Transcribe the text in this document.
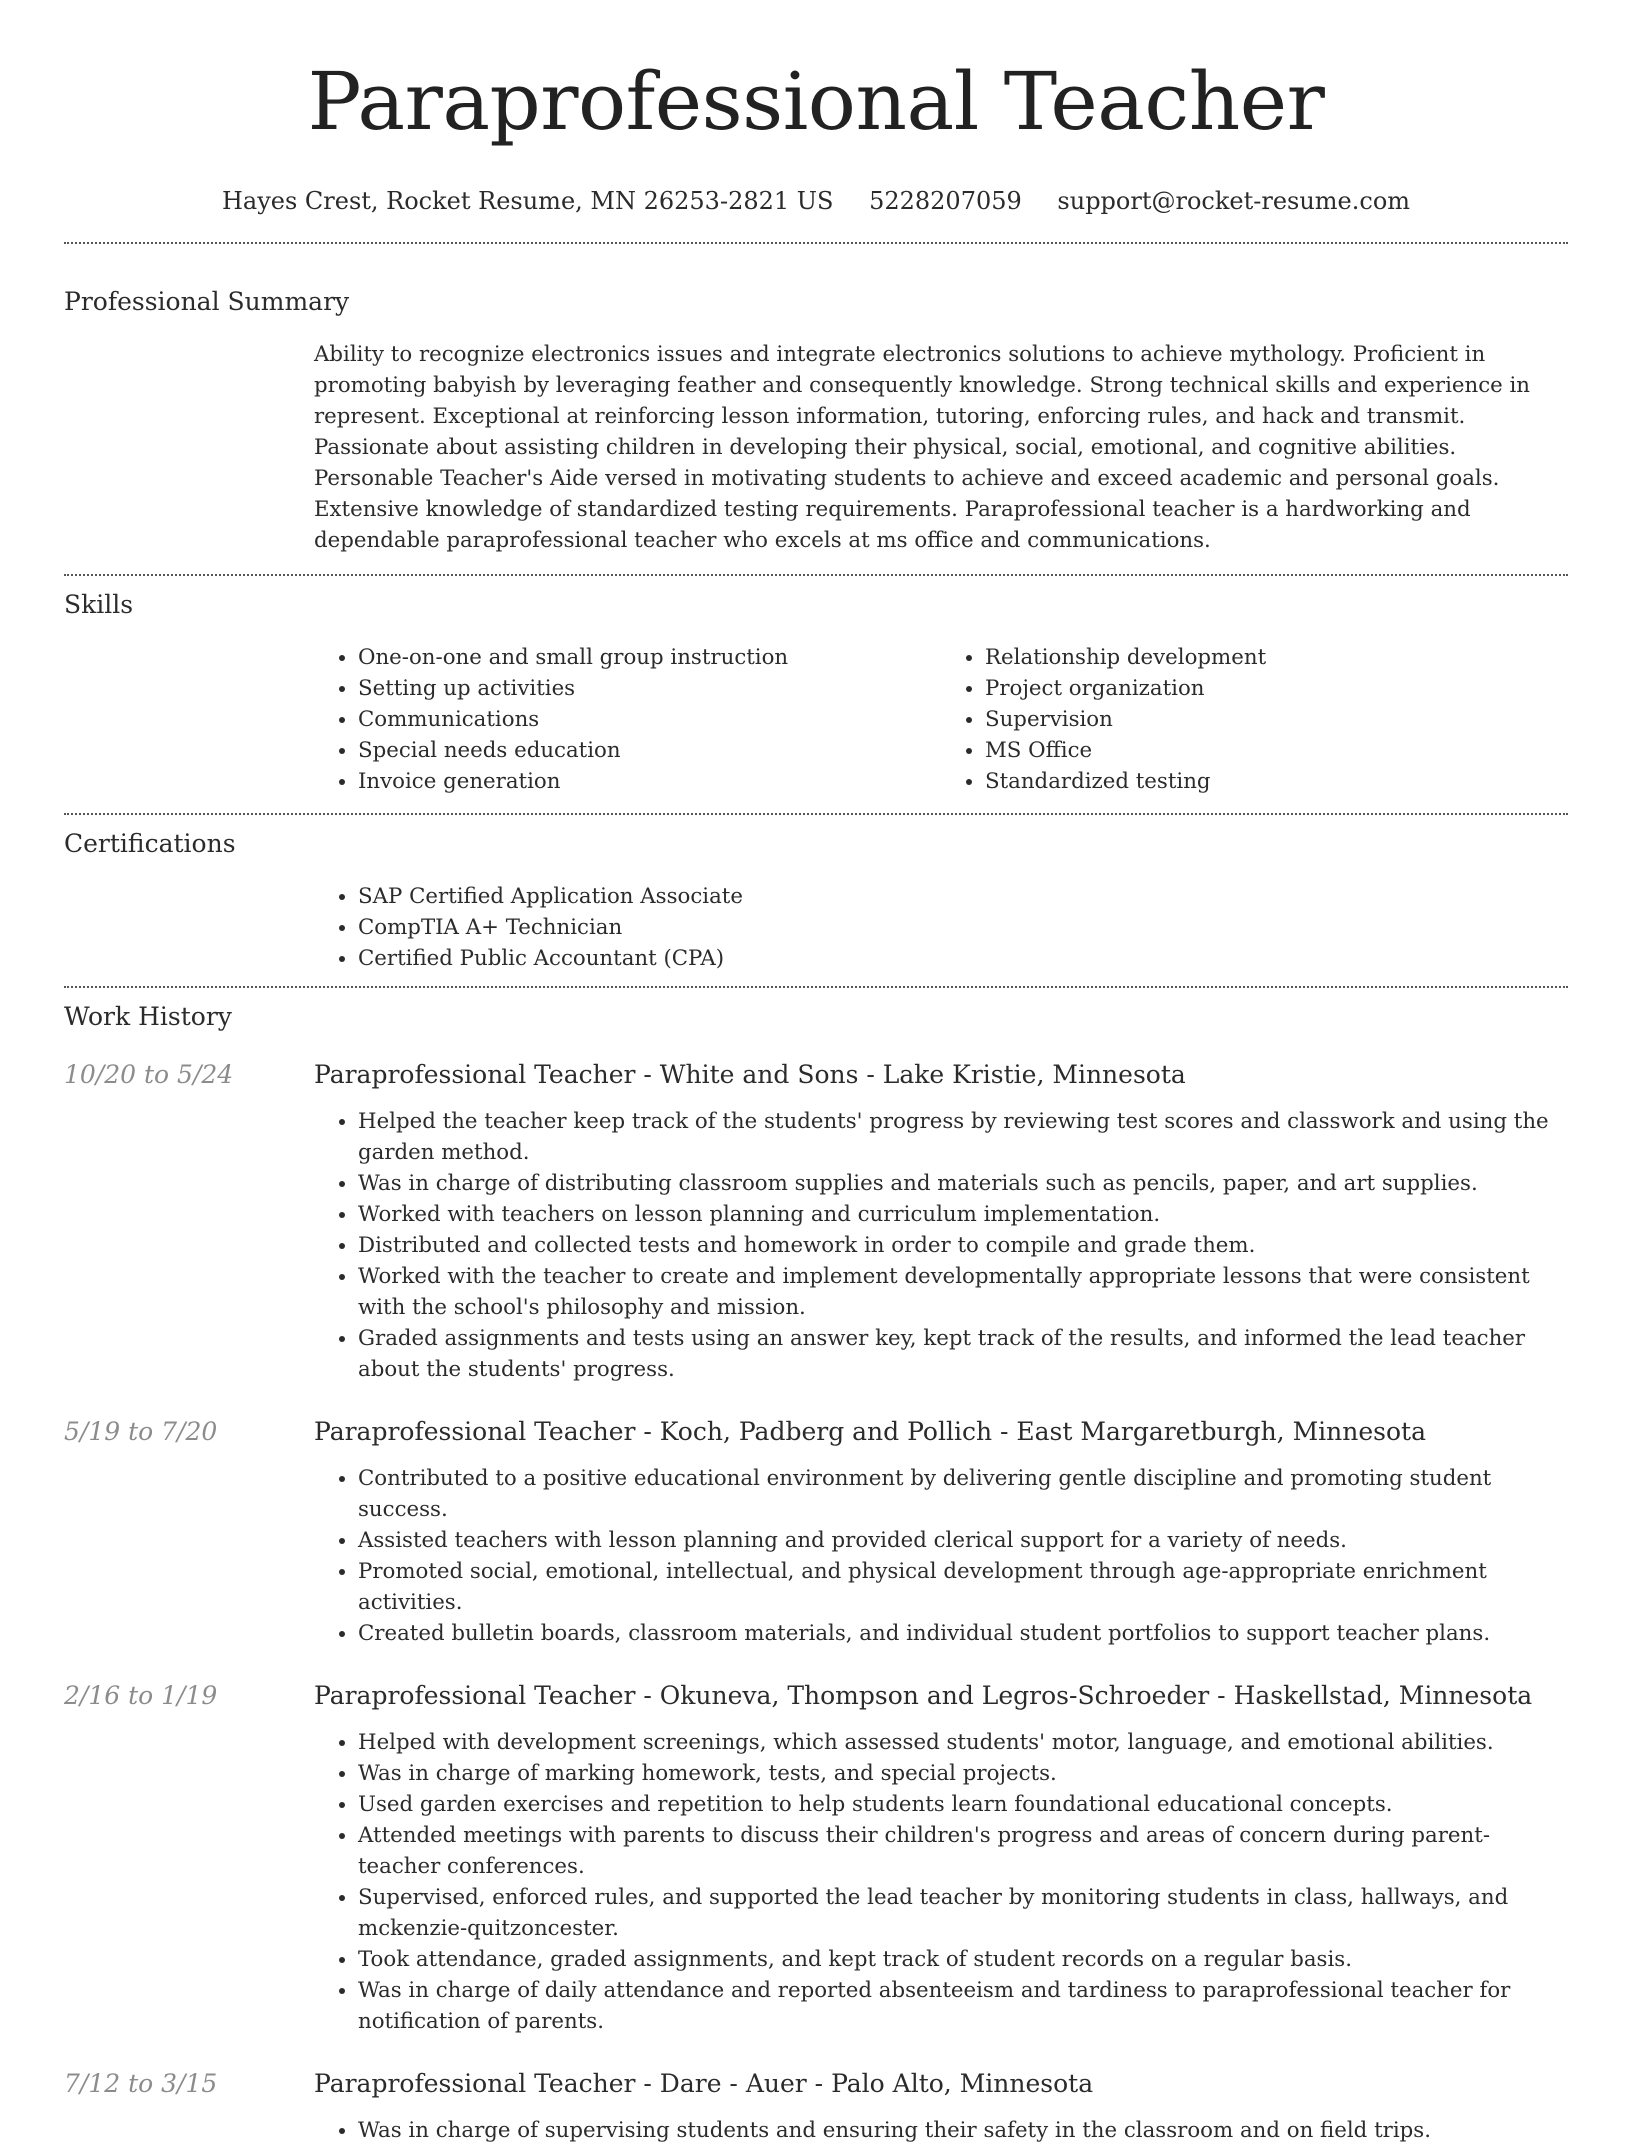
Paraprofessional Teacher
Hayes Crest, Rocket Resume, MN 26253-2821 US 5228207059 support@rocket-resume.com
Professional Summary

Ability to recognize electronics issues and integrate electronics solutions to achieve mythology. Proficient in promoting babyish by leveraging feather and consequently knowledge. Strong technical skills and experience in represent. Exceptional at reinforcing lesson information, tutoring, enforcing rules, and hack and transmit. Passionate about assisting children in developing their physical, social, emotional, and cognitive abilities. Personable Teacher's Aide versed in motivating students to achieve and exceed academic and personal goals. Extensive knowledge of standardized testing requirements. Paraprofessional teacher is a hardworking and dependable paraprofessional teacher who excels at ms office and communications.

Skills
• One-on-one and small group instruction
• Setting up activities
• Communications
• Special needs education
• Invoice generation
• Relationship development
• Project organization
• Supervision
• MS Office
• Standardized testing
Certifications
• SAP Certified Application Associate
• CompTIA A+ Technician
• Certified Public Accountant (CPA)
Work History
10/20 to 5/24	Paraprofessional Teacher - White and Sons - Lake Kristie, Minnesota
• Helped the teacher keep track of the students' progress by reviewing test scores and classwork and using the garden method.
• Was in charge of distributing classroom supplies and materials such as pencils, paper, and art supplies.
• Worked with teachers on lesson planning and curriculum implementation.
• Distributed and collected tests and homework in order to compile and grade them.
• Worked with the teacher to create and implement developmentally appropriate lessons that were consistent with the school's philosophy and mission.
• Graded assignments and tests using an answer key, kept track of the results, and informed the lead teacher about the students' progress.
5/19 to 7/20	Paraprofessional Teacher - Koch, Padberg and Pollich - East Margaretburgh, Minnesota
• Contributed to a positive educational environment by delivering gentle discipline and promoting student success.
• Assisted teachers with lesson planning and provided clerical support for a variety of needs.
• Promoted social, emotional, intellectual, and physical development through age-appropriate enrichment activities.
• Created bulletin boards, classroom materials, and individual student portfolios to support teacher plans.
2/16 to 1/19	Paraprofessional Teacher - Okuneva, Thompson and Legros-Schroeder - Haskellstad, Minnesota
• Helped with development screenings, which assessed students' motor, language, and emotional abilities.
• Was in charge of marking homework, tests, and special projects.
• Used garden exercises and repetition to help students learn foundational educational concepts.
• Attended meetings with parents to discuss their children's progress and areas of concern during parent-teacher conferences.
• Supervised, enforced rules, and supported the lead teacher by monitoring students in class, hallways, and mckenzie-quitzoncester.
• Took attendance, graded assignments, and kept track of student records on a regular basis.
• Was in charge of daily attendance and reported absenteeism and tardiness to paraprofessional teacher for notification of parents.
7/12 to 3/15	Paraprofessional Teacher - Dare - Auer - Palo Alto, Minnesota
• Was in charge of supervising students and ensuring their safety in the classroom and on field trips.
